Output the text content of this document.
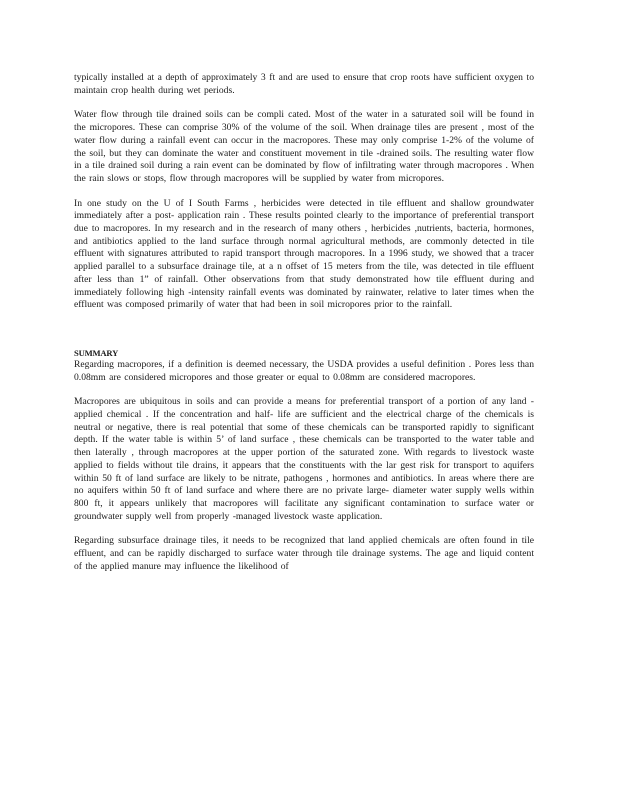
typically installed at a depth of approximately 3 ft and are used to ensure that crop roots have sufficient oxygen to maintain crop health during wet periods.

Water flow through tile drained soils can be compli cated. Most of the water in a saturated soil will be found in the micropores. These can comprise 30% of the volume of the soil. When drainage tiles are present , most of the water flow during a rainfall event can occur in the macropores. These may only comprise 1-2% of the volume of the soil, but they can dominate the water and constituent movement in tile -drained soils. The resulting water flow in a tile drained soil during a rain event can be dominated by flow of infiltrating water through macropores . When the rain slows or stops, flow through macropores will be supplied by water from micropores.

In one study on the U of I South Farms , herbicides were detected in tile effluent and shallow groundwater immediately after a post- application rain . These results pointed clearly to the importance of preferential transport due to macropores. In my research and in the research of many others , herbicides ,nutrients, bacteria, hormones, and antibiotics applied to the land surface through normal agricultural methods, are commonly detected in tile effluent with signatures attributed to rapid transport through macropores. In a 1996 study, we showed that a tracer applied parallel to a subsurface drainage tile, at a n offset of 15 meters from the tile, was detected in tile effluent after less than 1” of rainfall. Other observations from that study demonstrated how tile effluent during and immediately following high -intensity rainfall events was dominated by rainwater, relative to later times when the effluent was composed primarily of water that had been in soil micropores prior to the rainfall.

SUMMARY

Regarding macropores, if a definition is deemed necessary, the USDA provides a useful definition . Pores less than 0.08mm are considered micropores and those greater or equal to 0.08mm are considered macropores.

Macropores are ubiquitous in soils and can provide a means for preferential transport of a portion of any land - applied chemical . If the concentration and half- life are sufficient and the electrical charge of the chemicals is neutral or negative, there is real potential that some of these chemicals can be transported rapidly to significant depth. If the water table is within 5’ of land surface , these chemicals can be transported to the water table and then laterally , through macropores at the upper portion of the saturated zone. With regards to livestock waste applied to fields without tile drains, it appears that the constituents with the lar gest risk for transport to aquifers within 50 ft of land surface are likely to be nitrate, pathogens , hormones and antibiotics. In areas where there are no aquifers within 50 ft of land surface and where there are no private large- diameter water supply wells within 800 ft, it appears unlikely that macropores will facilitate any significant contamination to surface water or groundwater supply well from properly -managed livestock waste application.

Regarding subsurface drainage tiles, it needs to be recognized that land applied chemicals are often found in tile effluent, and can be rapidly discharged to surface water through tile drainage systems. The age and liquid content of the applied manure may influence the likelihood of
